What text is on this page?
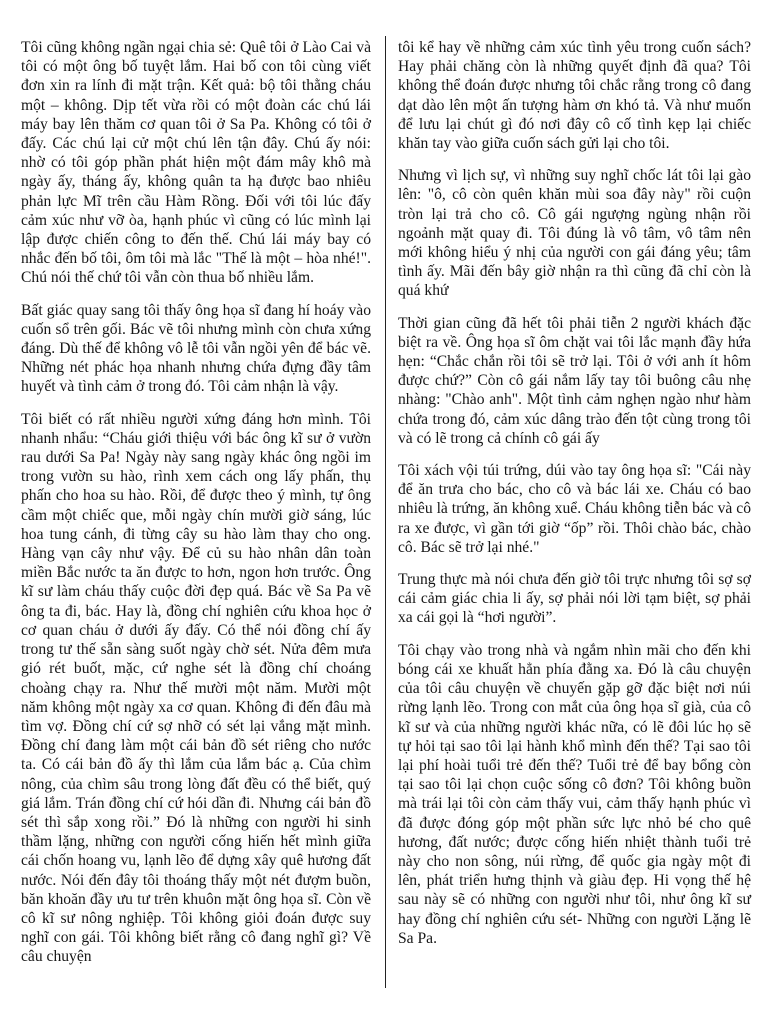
Tôi cũng không ngần ngại chia sẻ: Quê tôi ở Lào Cai và tôi có một ông bố tuyệt lắm. Hai bố con tôi cùng viết đơn xin ra lính đi mặt trận. Kết quả: bộ tôi thằng cháu một – không. Dịp tết vừa rồi có một đoàn các chú lái máy bay lên thăm cơ quan tôi ở Sa Pa. Không có tôi ở đấy. Các chú lại cử một chú lên tận đây. Chú ấy nói: nhờ có tôi góp phần phát hiện một đám mây khô mà ngày ấy, tháng ấy, không quân ta hạ được bao nhiêu phản lực Mĩ trên cầu Hàm Rồng. Đối với tôi lúc đấy cảm xúc như vỡ òa, hạnh phúc vì cũng có lúc mình lại lập được chiến công to đến thế. Chú lái máy bay có nhắc đến bố tôi, ôm tôi mà lắc "Thế là một – hòa nhé!". Chú nói thế chứ tôi vẫn còn thua bố nhiều lắm.

Bất giác quay sang tôi thấy ông họa sĩ đang hí hoáy vào cuốn sổ trên gối. Bác vẽ tôi nhưng mình còn chưa xứng đáng. Dù thế để không vô lễ tôi vẫn ngồi yên để bác vẽ. Những nét phác họa nhanh nhưng chứa đựng đầy tâm huyết và tình cảm ở trong đó. Tôi cảm nhận là vậy.

Tôi biết có rất nhiều người xứng đáng hơn mình. Tôi nhanh nhẩu: “Cháu giới thiệu với bác ông kĩ sư ở vườn rau dưới Sa Pa! Ngày này sang ngày khác ông ngồi im trong vườn su hào, rình xem cách ong lấy phấn, thụ phấn cho hoa su hào. Rồi, để được theo ý mình, tự ông cầm một chiếc que, mỗi ngày chín mười giờ sáng, lúc hoa tung cánh, đi từng cây su hào làm thay cho ong. Hàng vạn cây như vậy. Để củ su hào nhân dân toàn miền Bắc nước ta ăn được to hơn, ngon hơn trước. Ông kĩ sư làm cháu thấy cuộc đời đẹp quá. Bác về Sa Pa vẽ ông ta đi, bác. Hay là, đồng chí nghiên cứu khoa học ở cơ quan cháu ở dưới ấy đấy. Có thể nói đồng chí ấy trong tư thế sẵn sàng suốt ngày chờ sét. Nửa đêm mưa gió rét buốt, mặc, cứ nghe sét là đồng chí choáng choàng chạy ra. Như thế mười một năm. Mười một năm không một ngày xa cơ quan. Không đi đến đâu mà tìm vợ. Đồng chí cứ sợ nhỡ có sét lại vắng mặt mình. Đồng chí đang làm một cái bản đồ sét riêng cho nước ta. Có cái bản đồ ấy thì lắm của lắm bác ạ. Của chìm nông, của chìm sâu trong lòng đất đều có thể biết, quý giá lắm. Trán đồng chí cứ hói dần đi. Nhưng cái bản đồ sét thì sắp xong rồi.” Đó là những con người hi sinh thầm lặng, những con người cống hiến hết mình giữa cái chốn hoang vu, lạnh lẽo để dựng xây quê hương đất nước. Nói đến đây tôi thoáng thấy một nét đượm buồn, băn khoăn đầy ưu tư trên khuôn mặt ông họa sĩ. Còn về cô kĩ sư nông nghiệp. Tôi không giỏi đoán được suy nghĩ con gái. Tôi không biết rằng cô đang nghĩ gì? Về câu chuyện

tôi kể hay về những cảm xúc tình yêu trong cuốn sách? Hay phải chăng còn là những quyết định đã qua? Tôi không thể đoán được nhưng tôi chắc rằng trong cô đang dạt dào lên một ấn tượng hàm ơn khó tả. Và như muốn để lưu lại chút gì đó nơi đây cô cố tình kẹp lại chiếc khăn tay vào giữa cuốn sách gửi lại cho tôi.

Nhưng vì lịch sự, vì những suy nghĩ chốc lát tôi lại gào lên: "ô, cô còn quên khăn mùi soa đây này" rồi cuộn tròn lại trả cho cô. Cô gái ngượng ngùng nhận rồi ngoảnh mặt quay đi. Tôi đúng là vô tâm, vô tâm nên mới không hiểu ý nhị của người con gái đáng yêu; tâm tình ấy. Mãi đến bây giờ nhận ra thì cũng đã chỉ còn là quá khứ

Thời gian cũng đã hết tôi phải tiễn 2 người khách đặc biệt ra về. Ông họa sĩ ôm chặt vai tôi lắc mạnh đầy hứa hẹn: “Chắc chắn rồi tôi sẽ trở lại. Tôi ở với anh ít hôm được chứ?” Còn cô gái nắm lấy tay tôi buông câu nhẹ nhàng: "Chào anh". Một tình cảm nghẹn ngào như hàm chứa trong đó, cảm xúc dâng trào đến tột cùng trong tôi và có lẽ trong cả chính cô gái ấy

Tôi xách vội túi trứng, dúi vào tay ông họa sĩ: "Cái này để ăn trưa cho bác, cho cô và bác lái xe. Cháu có bao nhiêu là trứng, ăn không xuể. Cháu không tiễn bác và cô ra xe được, vì gần tới giờ “ốp” rồi. Thôi chào bác, chào cô. Bác sẽ trở lại nhé."

Trung thực mà nói chưa đến giờ tôi trực nhưng tôi sợ sợ cái cảm giác chia li ấy, sợ phải nói lời tạm biệt, sợ phải xa cái gọi là “hơi người”.

Tôi chạy vào trong nhà và ngắm nhìn mãi cho đến khi bóng cái xe khuất hẳn phía đằng xa. Đó là câu chuyện của tôi câu chuyện về chuyến gặp gỡ đặc biệt nơi núi rừng lạnh lẽo. Trong con mắt của ông họa sĩ già, của cô kĩ sư và của những người khác nữa, có lẽ đôi lúc họ sẽ tự hỏi tại sao tôi lại hành khổ mình đến thế? Tại sao tôi lại phí hoài tuổi trẻ đến thế? Tuổi trẻ để bay bổng còn tại sao tôi lại chọn cuộc sống cô đơn? Tôi không buồn mà trái lại tôi còn cảm thấy vui, cảm thấy hạnh phúc vì đã được đóng góp một phần sức lực nhỏ bé cho quê hương, đất nước; được cống hiến nhiệt thành tuổi trẻ này cho non sông, núi rừng, để quốc gia ngày một đi lên, phát triển hưng thịnh và giàu đẹp. Hi vọng thế hệ sau này sẽ có những con người như tôi, như ông kĩ sư hay đồng chí nghiên cứu sét- Những con người Lặng lẽ Sa Pa.
